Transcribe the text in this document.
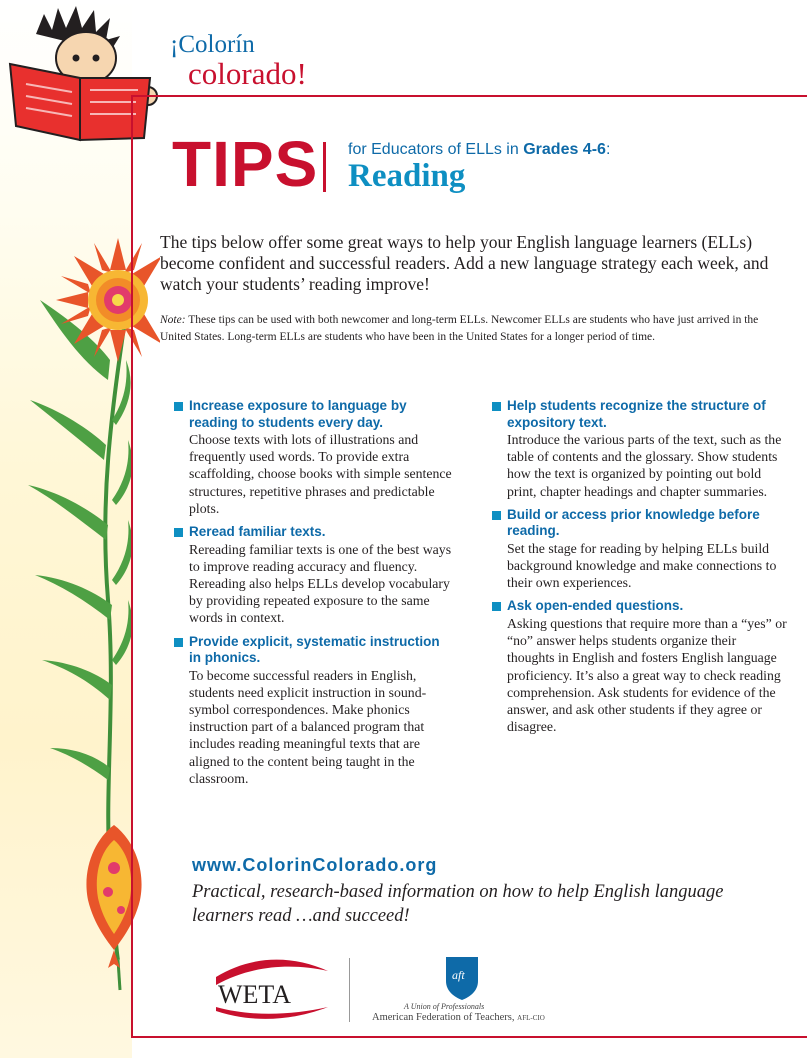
¡Colorín
colorado!
TIPS for Educators of ELLs in Grades 4-6:
Reading

The tips below offer some great ways to help your English language learners (ELLs) become confident and successful readers. Add a new language strategy each week, and watch your students’ reading improve!

Note: These tips can be used with both newcomer and long-term ELLs. Newcomer ELLs are students who have just arrived in the United States. Long-term ELLs are students who have been in the United States for a longer period of time.

Increase exposure to language by reading to students every day.
Choose texts with lots of illustrations and frequently used words. To provide extra scaffolding, choose books with simple sentence structures, repetitive phrases and predictable plots.
Reread familiar texts.
Rereading familiar texts is one of the best ways to improve reading accuracy and fluency. Rereading also helps ELLs develop vocabulary by providing repeated exposure to the same words in context.
Provide explicit, systematic instruction in phonics.
To become successful readers in English, students need explicit instruction in sound-symbol correspondences. Make phonics instruction part of a balanced program that includes reading meaningful texts that are aligned to the content being taught in the classroom.
Help students recognize the structure of expository text.
Introduce the various parts of the text, such as the table of contents and the glossary. Show students how the text is organized by pointing out bold print, chapter headings and chapter summaries.
Build or access prior knowledge before reading.
Set the stage for reading by helping ELLs build background knowledge and make connections to their own experiences.
Ask open-ended questions.
Asking questions that require more than a “yes” or “no” answer helps students organize their thoughts in English and fosters English language proficiency. It’s also a great way to check reading comprehension. Ask students for evidence of the answer, and ask other students if they agree or disagree.
www.ColorinColorado.org

Practical, research-based information on how to help English language learners read …and succeed!

WETA
aft
A Union of Professionals
American Federation of Teachers, AFL-CIO
